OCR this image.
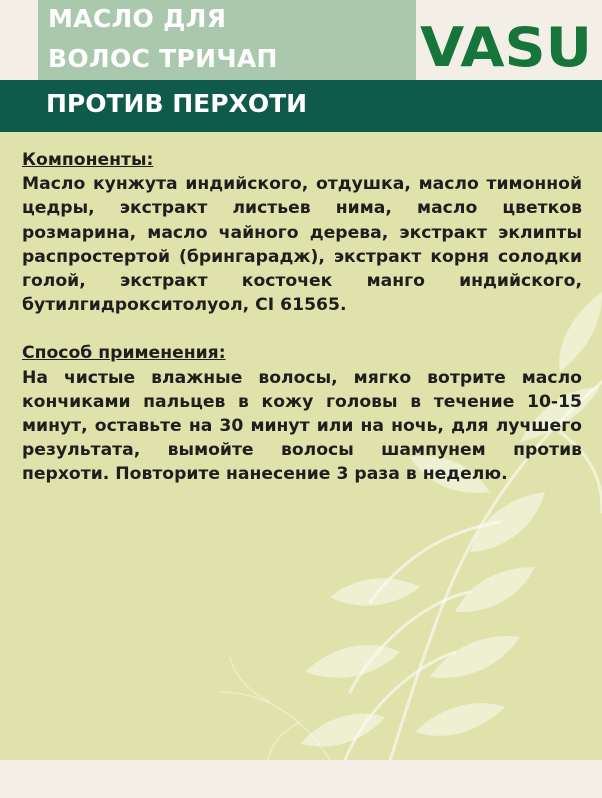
МАСЛО ДЛЯ
ВОЛОС ТРИЧАП	VASU
ПРОТИВ ПЕРХОТИ
Компоненты:
Масло кунжута индийского, отдушка, масло тимонной цедры, экстракт листьев нима, масло цветков розмарина, масло чайного дерева, экстракт эклипты распростертой (брингарадж), экстракт корня солодки голой, экстракт косточек манго индийского, бутилгидрокситолуол, CI 61565.
Способ применения:
На чистые влажные волосы, мягко вотрите масло кончиками пальцев в кожу головы в течение 10-15 минут, оставьте на 30 минут или на ночь, для лучшего результата, вымойте волосы шампунем против перхоти. Повторите нанесение 3 раза в неделю.
